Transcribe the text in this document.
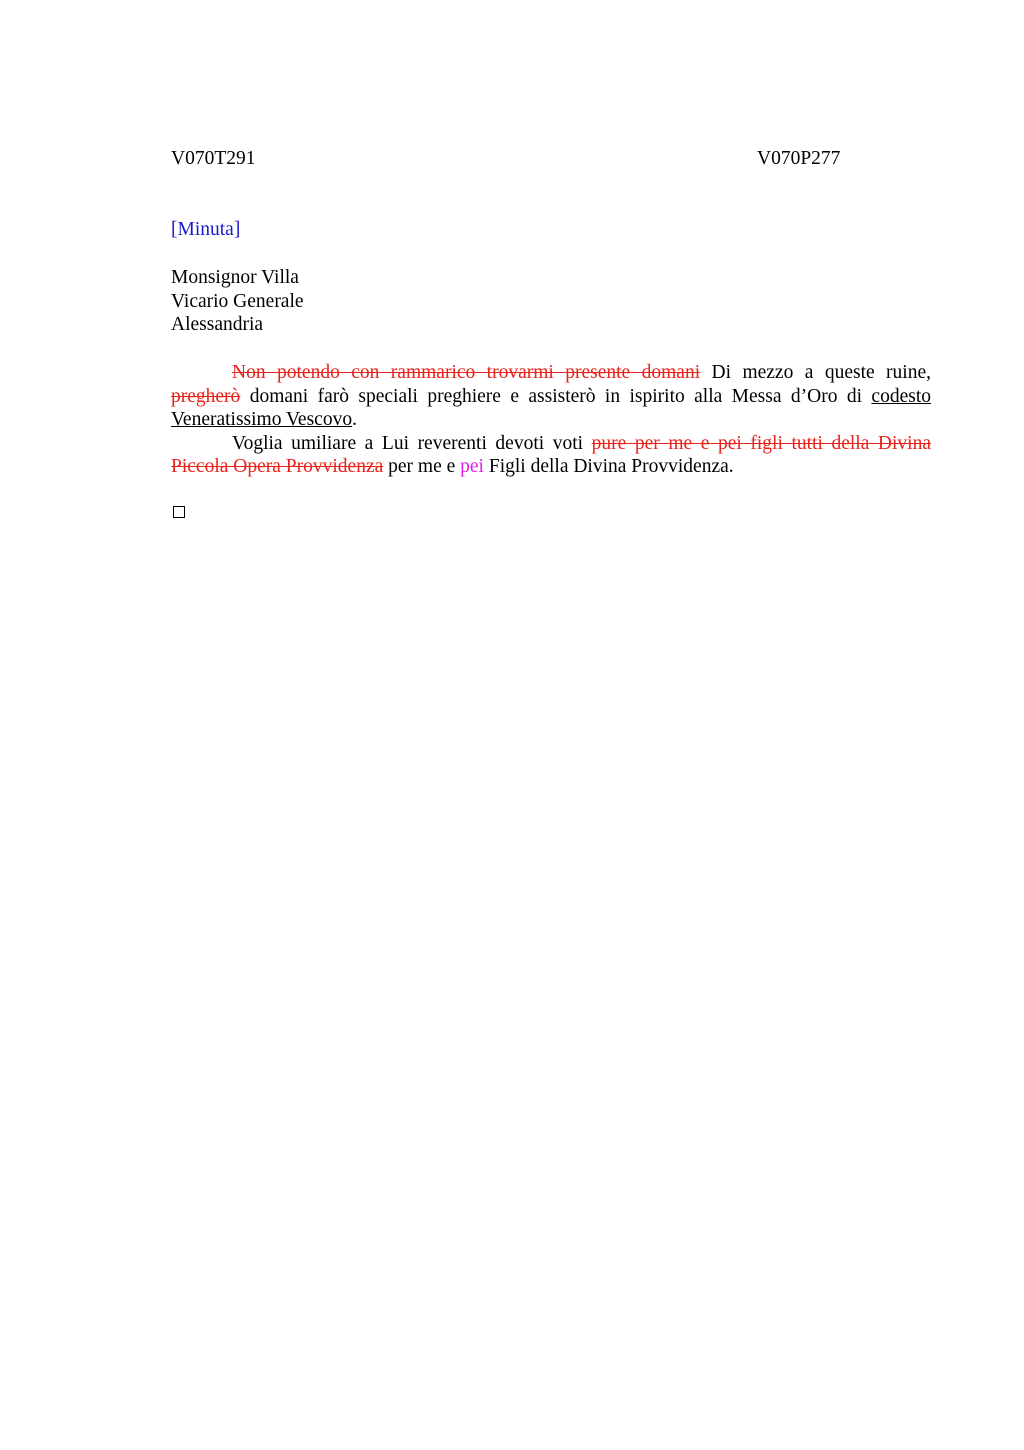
V070T291	V070P277
[Minuta]
Monsignor Villa
Vicario Generale
Alessandria

Non potendo con rammarico trovarmi presente domani Di mezzo a queste ruine, pregherò domani farò speciali preghiere e assisterò in ispirito alla Messa d’Oro di codesto Veneratissimo Vescovo.

Voglia umiliare a Lui reverenti devoti voti pure per me e pei figli tutti della Divina Piccola Opera Provvidenza per me e pei Figli della Divina Provvidenza.
